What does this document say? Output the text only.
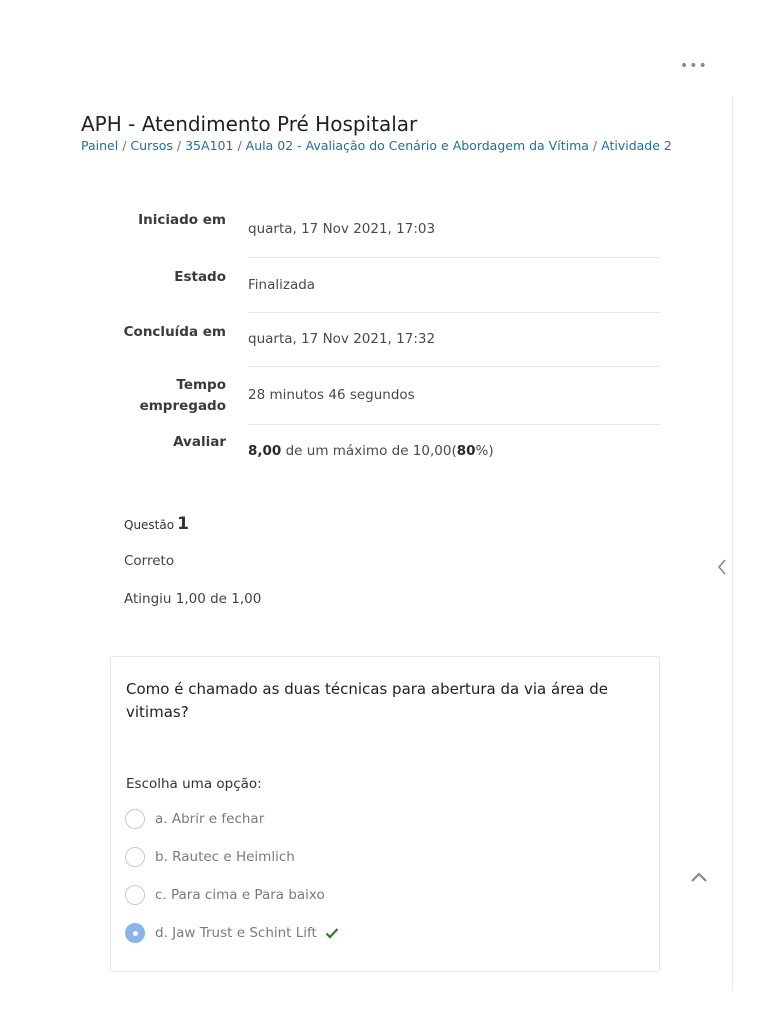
•••
APH - Atendimento Pré Hospitalar
Painel / Cursos / 35A101 / Aula 02 - Avaliação do Cenário e Abordagem da Vítima / Atividade 2
Iniciado em
quarta, 17 Nov 2021, 17:03
Estado	Finalizada
Concluída em	quarta, 17 Nov 2021, 17:32
Tempo
empregado
28 minutos 46 segundos
Avaliar
8,00 de um máximo de 10,00(80%)
Questão 1
Correto
Atingiu 1,00 de 1,00
Como é chamado as duas técnicas para abertura da via área de vitimas?
Escolha uma opção:
a. Abrir e fechar
b. Rautec e Heimlich
c. Para cima e Para baixo
d. Jaw Trust e Schint Lift
